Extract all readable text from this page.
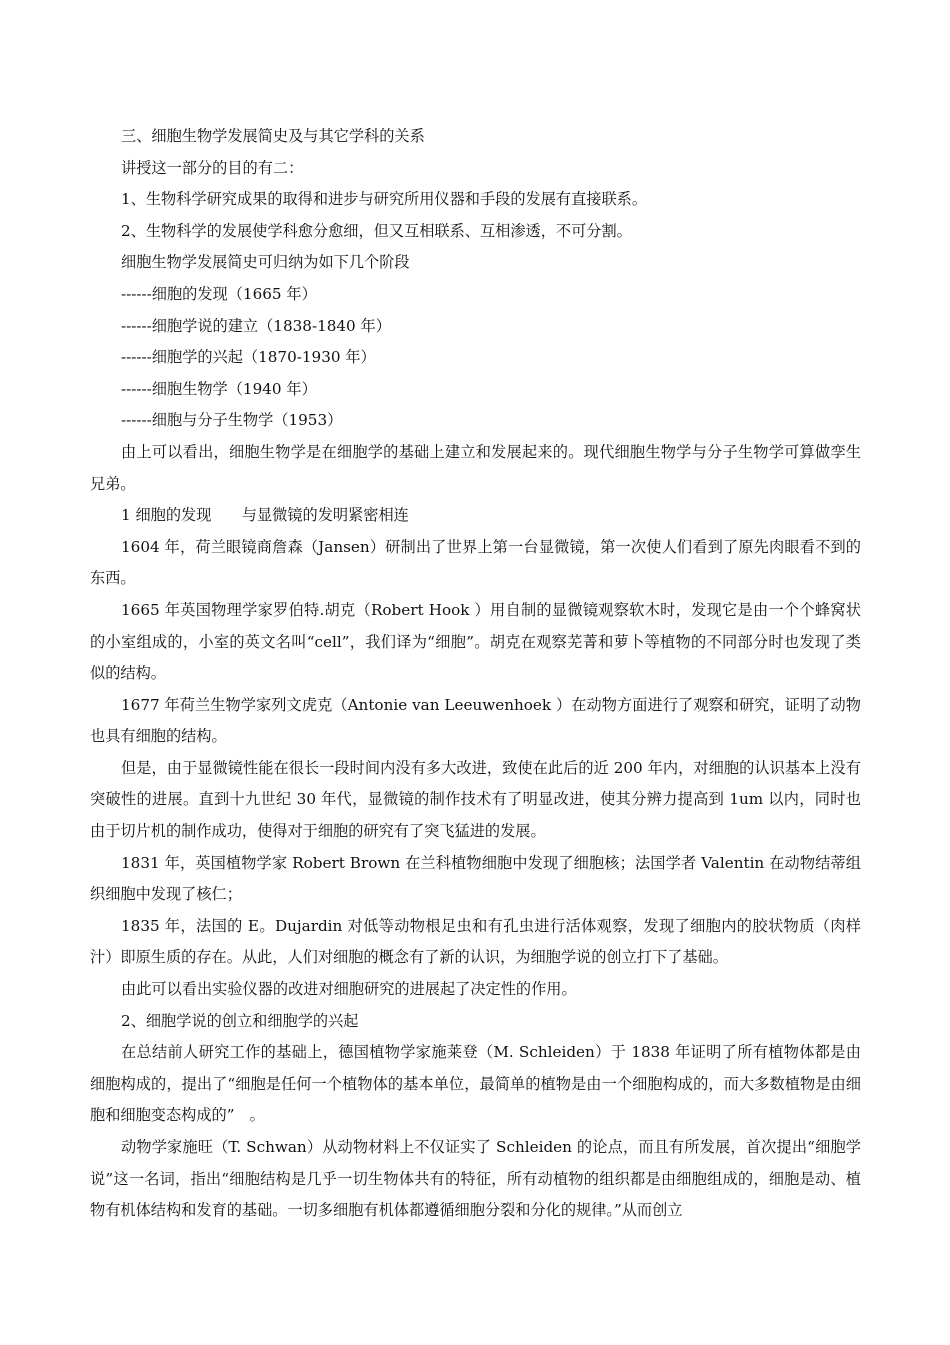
三、细胞生物学发展简史及与其它学科的关系

讲授这一部分的目的有二：

1、生物科学研究成果的取得和进步与研究所用仪器和手段的发展有直接联系。

2、生物科学的发展使学科愈分愈细，但又互相联系、互相渗透，不可分割。

细胞生物学发展简史可归纳为如下几个阶段

------细胞的发现（1665 年）

------细胞学说的建立（1838-1840 年）

------细胞学的兴起（1870-1930 年）

------细胞生物学（1940 年）

------细胞与分子生物学（1953）

由上可以看出，细胞生物学是在细胞学的基础上建立和发展起来的。现代细胞生物学与分子生物学可算做孪生兄弟。

1 细胞的发现　　与显微镜的发明紧密相连

1604 年，荷兰眼镜商詹森（Jansen）研制出了世界上第一台显微镜，第一次使人们看到了原先肉眼看不到的东西。

1665 年英国物理学家罗伯特.胡克（Robert Hook ）用自制的显微镜观察软木时，发现它是由一个个蜂窝状的小室组成的，小室的英文名叫“cell”，我们译为“细胞”。胡克在观察芜菁和萝卜等植物的不同部分时也发现了类似的结构。

1677 年荷兰生物学家列文虎克（Antonie van Leeuwenhoek ）在动物方面进行了观察和研究，证明了动物也具有细胞的结构。

但是，由于显微镜性能在很长一段时间内没有多大改进，致使在此后的近 200 年内，对细胞的认识基本上没有突破性的进展。直到十九世纪 30 年代，显微镜的制作技术有了明显改进，使其分辨力提高到 1um 以内，同时也由于切片机的制作成功，使得对于细胞的研究有了突飞猛进的发展。

1831 年，英国植物学家 Robert Brown 在兰科植物细胞中发现了细胞核；法国学者 Valentin 在动物结蒂组织细胞中发现了核仁；

1835 年，法国的 E。Dujardin 对低等动物根足虫和有孔虫进行活体观察，发现了细胞内的胶状物质（肉样汁）即原生质的存在。从此，人们对细胞的概念有了新的认识，为细胞学说的创立打下了基础。

由此可以看出实验仪器的改进对细胞研究的进展起了决定性的作用。

2、细胞学说的创立和细胞学的兴起

在总结前人研究工作的基础上，德国植物学家施莱登（M. Schleiden）于 1838 年证明了所有植物体都是由细胞构成的，提出了“细胞是任何一个植物体的基本单位，最简单的植物是由一个细胞构成的，而大多数植物是由细胞和细胞变态构成的”　。

动物学家施旺（T. Schwan）从动物材料上不仅证实了 Schleiden 的论点，而且有所发展，首次提出“细胞学说”这一名词，指出“细胞结构是几乎一切生物体共有的特征，所有动植物的组织都是由细胞组成的，细胞是动、植物有机体结构和发育的基础。一切多细胞有机体都遵循细胞分裂和分化的规律。”从而创立
